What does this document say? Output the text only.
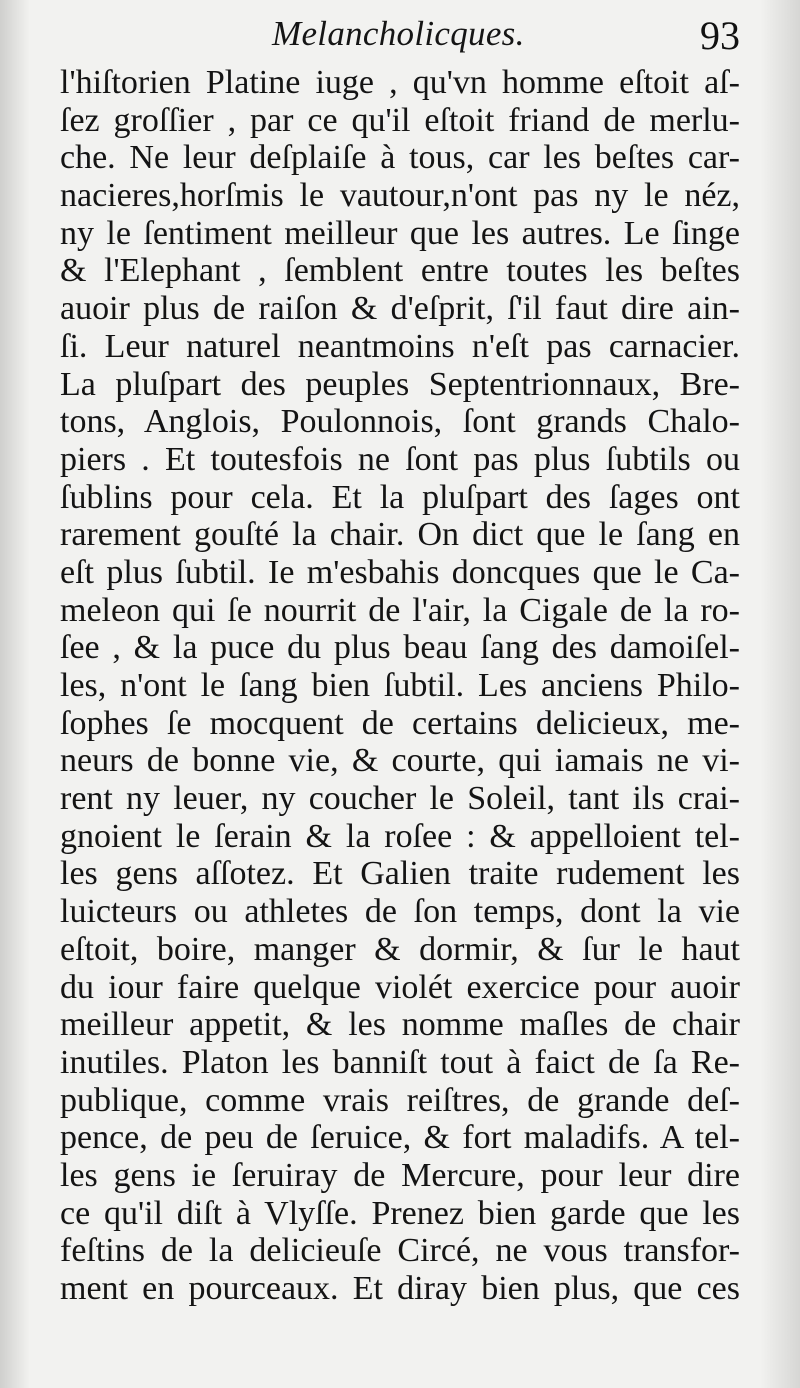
Melancholicques.	93
l'hiſtorien Platine iuge , qu'vn homme eſtoit aſ-
ſez groſſier , par ce qu'il eſtoit friand de merlu-
che. Ne leur deſplaiſe à tous, car les beſtes car-
nacieres,horſmis le vautour,n'ont pas ny le néz,
ny le ſentiment meilleur que les autres. Le ſinge
& l'Elephant , ſemblent entre toutes les beſtes
auoir plus de raiſon & d'eſprit, ſ'il faut dire ain-
ſi. Leur naturel neantmoins n'eſt pas carnacier.
La pluſpart des peuples Septentrionnaux, Bre-
tons, Anglois, Poulonnois, ſont grands Chalo-
piers . Et toutesfois ne ſont pas plus ſubtils ou
ſublins pour cela. Et la pluſpart des ſages ont
rarement gouſté la chair. On dict que le ſang en
eſt plus ſubtil. Ie m'esbahis doncques que le Ca-
meleon qui ſe nourrit de l'air, la Cigale de la ro-
ſee , & la puce du plus beau ſang des damoiſel-
les, n'ont le ſang bien ſubtil. Les anciens Philo-
ſophes ſe mocquent de certains delicieux, me-
neurs de bonne vie, & courte, qui iamais ne vi-
rent ny leuer, ny coucher le Soleil, tant ils crai-
gnoient le ſerain & la roſee : & appelloient tel-
les gens aſſotez. Et Galien traite rudement les
luicteurs ou athletes de ſon temps, dont la vie
eſtoit, boire, manger & dormir, & ſur le haut
du iour faire quelque violét exercice pour auoir
meilleur appetit, & les nomme maſles de chair
inutiles. Platon les banniſt tout à faict de ſa Re-
publique, comme vrais reiſtres, de grande deſ-
pence, de peu de ſeruice, & fort maladifs. A tel-
les gens ie ſeruiray de Mercure, pour leur dire
ce qu'il diſt à Vlyſſe. Prenez bien garde que les
feſtins de la delicieuſe Circé, ne vous transfor-
ment en pourceaux. Et diray bien plus, que ces
